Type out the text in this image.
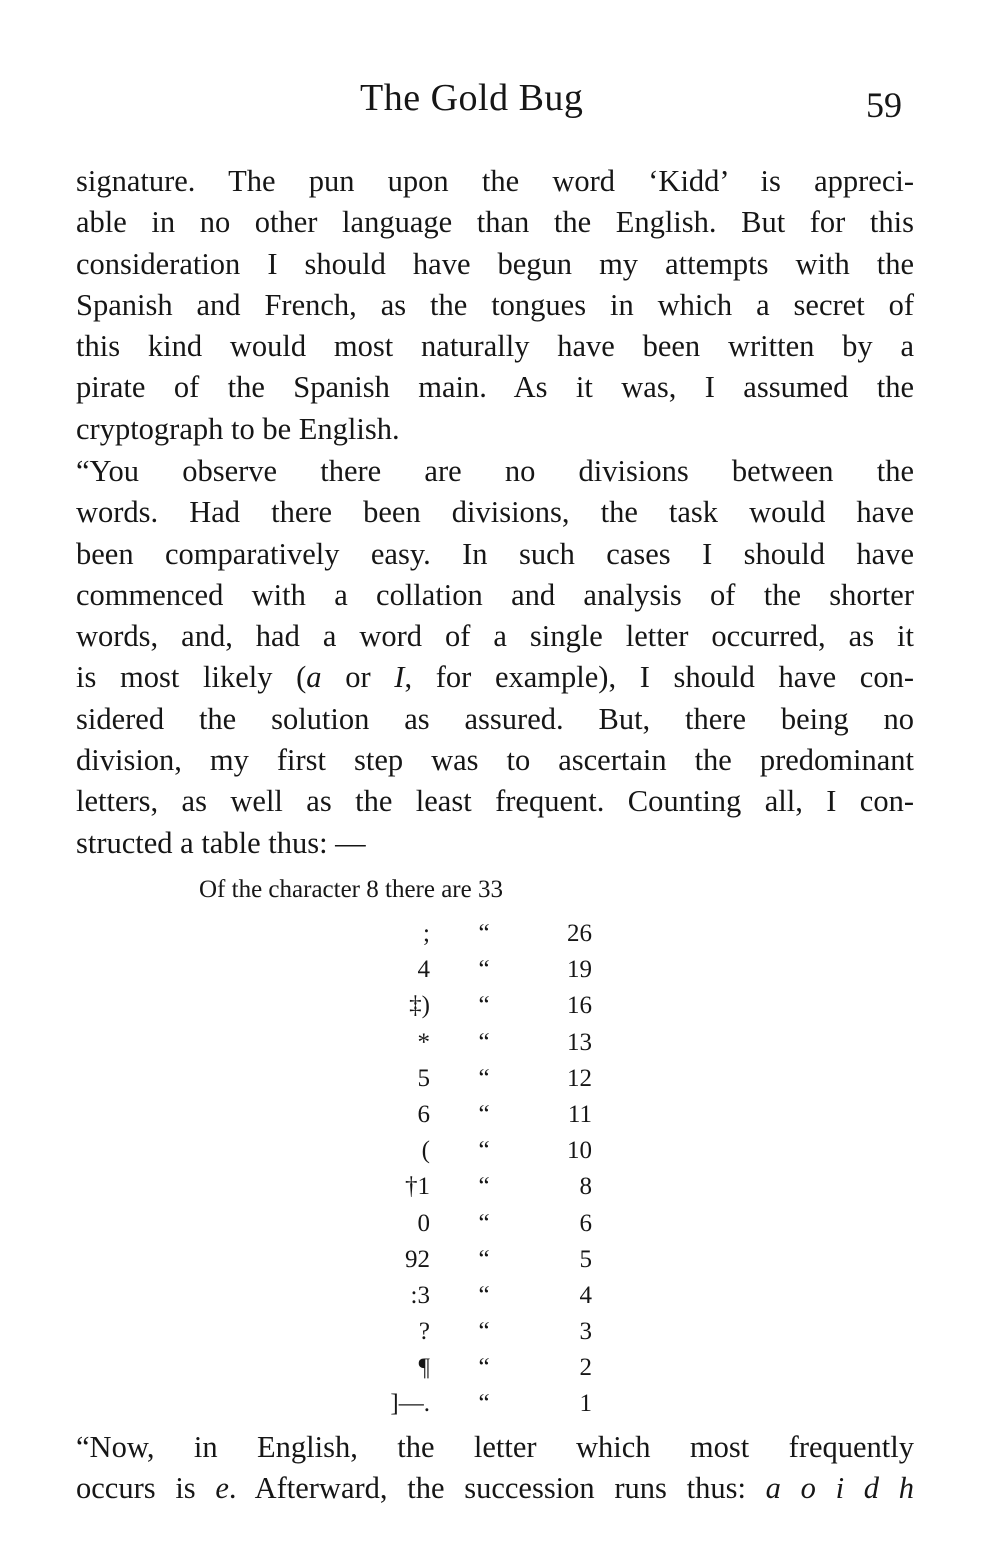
The Gold Bug	59
signature. The pun upon the word ‘Kidd’ is appreci-
able in no other language than the English. But for this
consideration I should have begun my attempts with the
Spanish and French, as the tongues in which a secret of
this kind would most naturally have been written by a
pirate of the Spanish main. As it was, I assumed the
cryptograph to be English.
“You observe there are no divisions between the
words. Had there been divisions, the task would have
been comparatively easy. In such cases I should have
commenced with a collation and analysis of the shorter
words, and, had a word of a single letter occurred, as it
is most likely (a or I, for example), I should have con-
sidered the solution as assured. But, there being no
division, my first step was to ascertain the predominant
letters, as well as the least frequent. Counting all, I con-
structed a table thus: —
Of the character 8 there are 33
; “	26
4 “	19
‡) “	16
* “	13
5 “	12
6 “	11
( “	10
†1 “	8
0 “	6
92 “	5
:3 “	4
? “	3
¶ “	2
]—. “	1
“Now, in English, the letter which most frequently
occurs is e. Afterward, the succession runs thus: a o i d h
